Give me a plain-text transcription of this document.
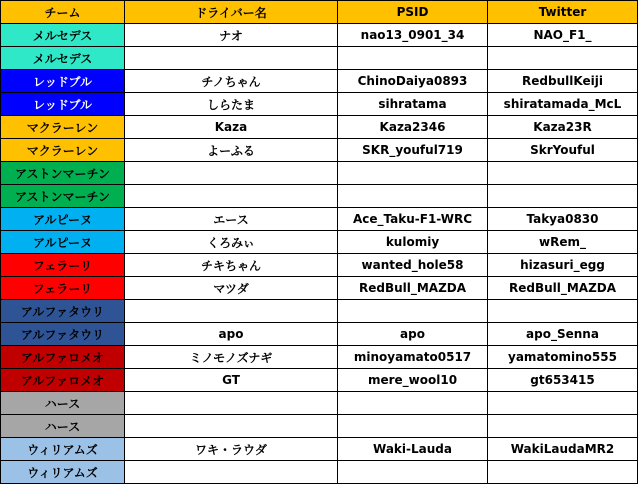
チーム	ドライバー名	PSID	Twitter
メルセデス	ナオ	nao13_0901_34	NAO_F1_
メルセデス			
レッドブル	チノちゃん	ChinoDaiya0893	RedbullKeiji
レッドブル	しらたま	sihratama	shiratamada_McL
マクラーレン	Kaza	Kaza2346	Kaza23R
マクラーレン	よーふる	SKR_youful719	SkrYouful
アストンマーチン			
アストンマーチン			
アルピーヌ	エース	Ace_Taku-F1-WRC	Takya0830
アルピーヌ	くろみぃ	kulomiy	wRem_
フェラーリ	チキちゃん	wanted_hole58	hizasuri_egg
フェラーリ	マツダ	RedBull_MAZDA	RedBull_MAZDA
アルファタウリ			
アルファタウリ	apo	apo	apo_Senna
アルファロメオ	ミノモノズナギ	minoyamato0517	yamatomino555
アルファロメオ	GT	mere_wool10	gt653415
ハース			
ハース			
ウィリアムズ	ワキ・ラウダ	Waki-Lauda	WakiLaudaMR2
ウィリアムズ			
